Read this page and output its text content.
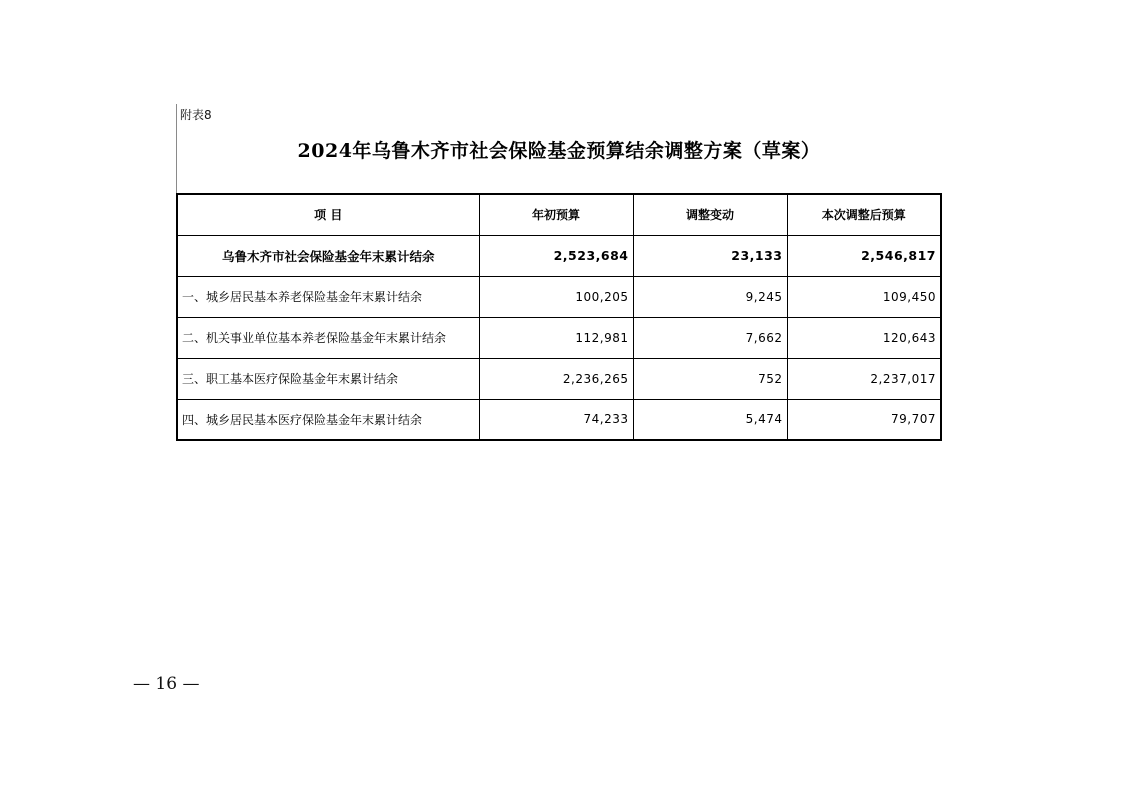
附表8
2024年乌鲁木齐市社会保险基金预算结余调整方案（草案）
项 目	年初预算	调整变动	本次调整后预算
乌鲁木齐市社会保险基金年末累计结余	2,523,684	23,133	2,546,817
一、城乡居民基本养老保险基金年末累计结余	100,205	9,245	109,450
二、机关事业单位基本养老保险基金年末累计结余	112,981	7,662	120,643
三、职工基本医疗保险基金年末累计结余	2,236,265	752	2,237,017
四、城乡居民基本医疗保险基金年末累计结余	74,233	5,474	79,707
— 16 —
